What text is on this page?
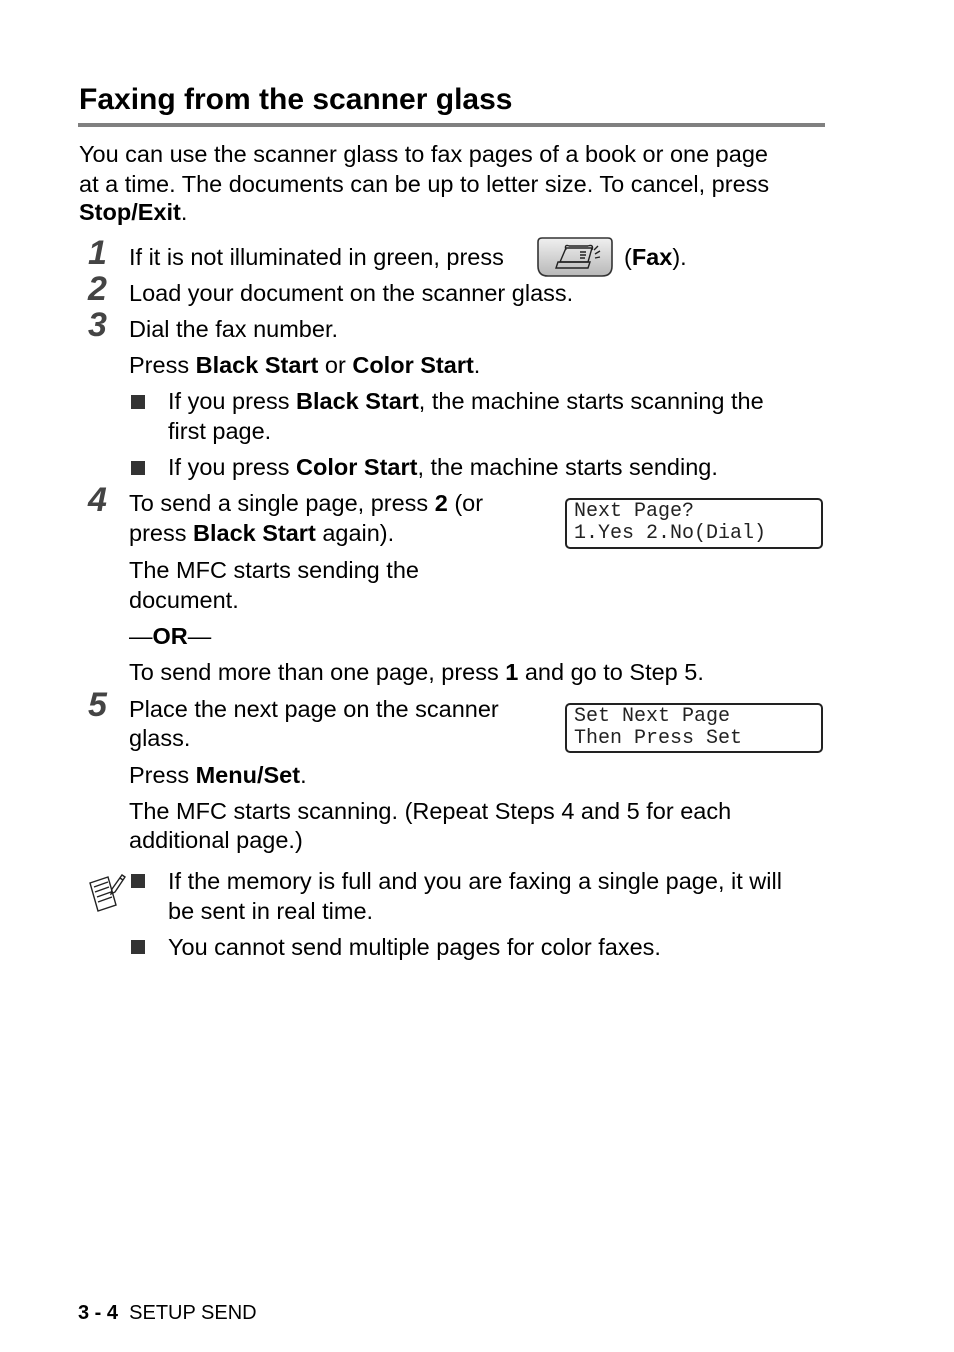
Faxing from the scanner glass
You can use the scanner glass to fax pages of a book or one page
at a time. The documents can be up to letter size. To cancel, press
Stop/Exit.
1 If it is not illuminated in green, press	(Fax).
2 Load your document on the scanner glass.
3 Dial the fax number.
Press Black Start or Color Start.
If you press Black Start, the machine starts scanning the
first page.
If you press Color Start, the machine starts sending.
4 To send a single page, press 2 (or
press Black Start again).
Next Page?
1.Yes 2.No(Dial)
The MFC starts sending the
document.
—OR—
To send more than one page, press 1 and go to Step 5.
5 Place the next page on the scanner
glass.
Set Next Page
Then Press Set
Press Menu/Set.
The MFC starts scanning. (Repeat Steps 4 and 5 for each
additional page.)
If the memory is full and you are faxing a single page, it will
be sent in real time.
You cannot send multiple pages for color faxes.
3 - 4 SETUP SEND
